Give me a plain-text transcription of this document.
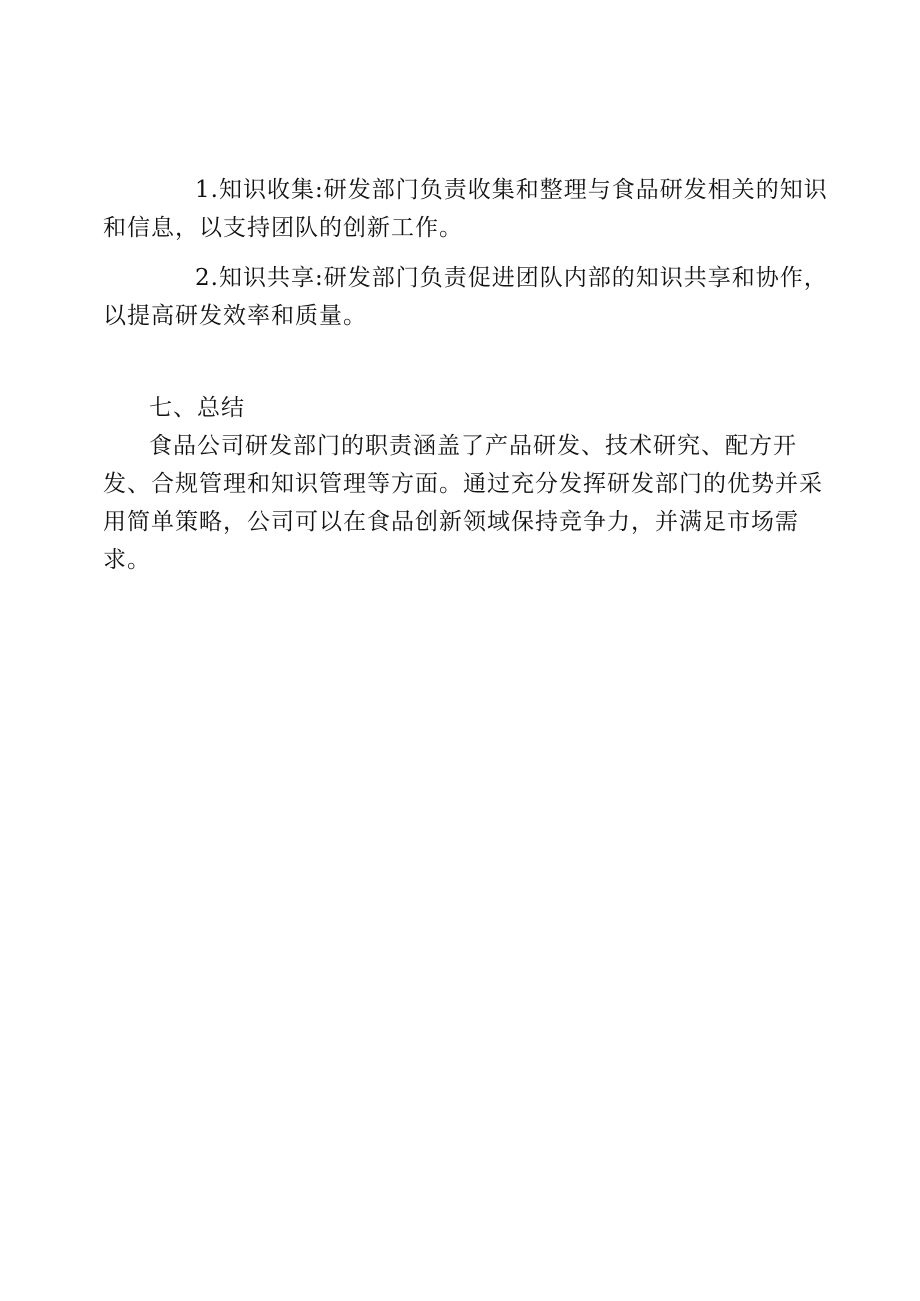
1.知识收集:研发部门负责收集和整理与食品研发相关的知识和信息，以支持团队的创新工作。

2.知识共享:研发部门负责促进团队内部的知识共享和协作，以提高研发效率和质量。

七、总结

食品公司研发部门的职责涵盖了产品研发、技术研究、配方开发、合规管理和知识管理等方面。通过充分发挥研发部门的优势并采用简单策略，公司可以在食品创新领域保持竞争力，并满足市场需求。
